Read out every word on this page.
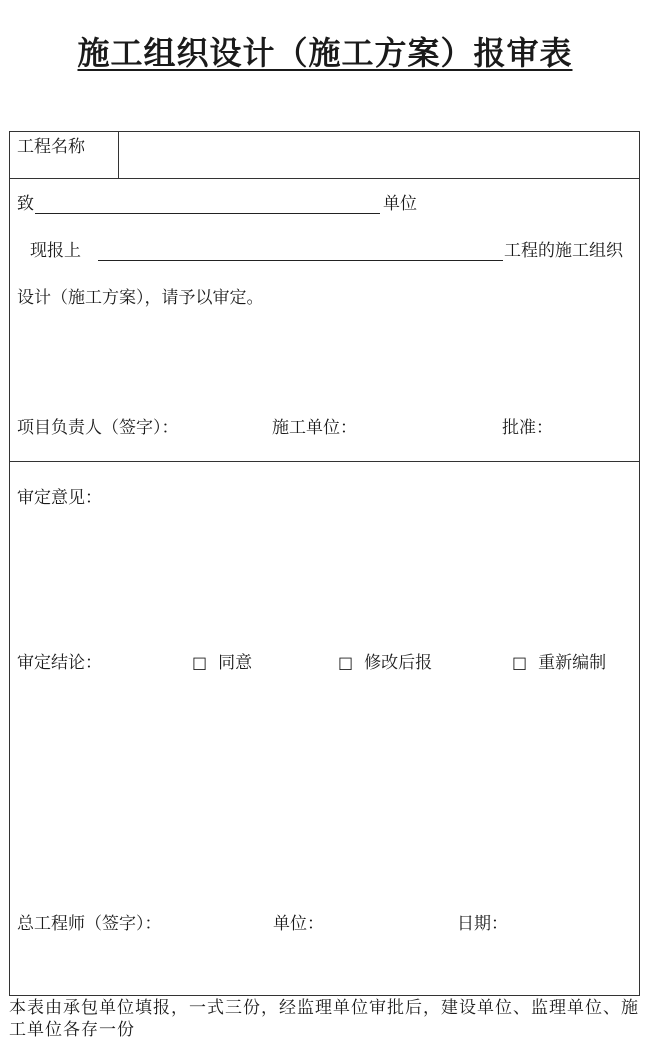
施工组织设计（施工方案）报审表
工程名称
致	单位
现报上	工程的施工组织
设计（施工方案），请予以审定。
项目负责人（签字）：	施工单位：	批准：
审定意见：
审定结论：	□ 同意	□ 修改后报	□ 重新编制
总工程师（签字）：	单位：	日期：
本表由承包单位填报，一式三份，经监理单位审批后，建设单位、监理单位、施工单位各存一份
